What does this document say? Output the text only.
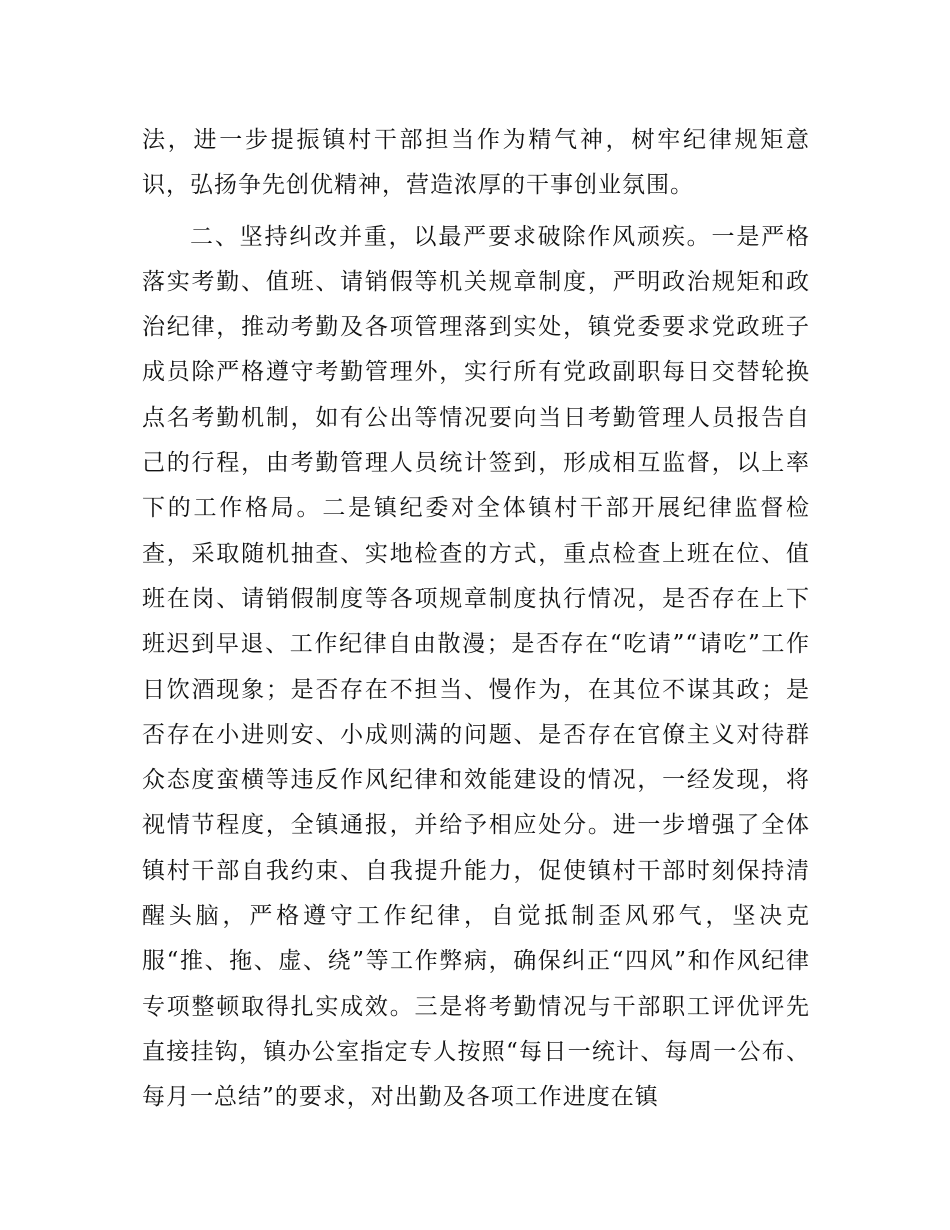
法，进一步提振镇村干部担当作为精气神，树牢纪律规矩意识，弘扬争先创优精神，营造浓厚的干事创业氛围。

二、坚持纠改并重，以最严要求破除作风顽疾。一是严格落实考勤、值班、请销假等机关规章制度，严明政治规矩和政治纪律，推动考勤及各项管理落到实处，镇党委要求党政班子成员除严格遵守考勤管理外，实行所有党政副职每日交替轮换点名考勤机制，如有公出等情况要向当日考勤管理人员报告自己的行程，由考勤管理人员统计签到，形成相互监督，以上率下的工作格局。二是镇纪委对全体镇村干部开展纪律监督检查，采取随机抽查、实地检查的方式，重点检查上班在位、值班在岗、请销假制度等各项规章制度执行情况，是否存在上下班迟到早退、工作纪律自由散漫；是否存在“吃请”“请吃”工作日饮酒现象；是否存在不担当、慢作为，在其位不谋其政；是否存在小进则安、小成则满的问题、是否存在官僚主义对待群众态度蛮横等违反作风纪律和效能建设的情况，一经发现，将视情节程度，全镇通报，并给予相应处分。进一步增强了全体镇村干部自我约束、自我提升能力，促使镇村干部时刻保持清醒头脑，严格遵守工作纪律，自觉抵制歪风邪气，坚决克服“推、拖、虚、绕”等工作弊病，确保纠正“四风”和作风纪律专项整顿取得扎实成效。三是将考勤情况与干部职工评优评先直接挂钩，镇办公室指定专人按照“每日一统计、每周一公布、每月一总结”的要求，对出勤及各项工作进度在镇
